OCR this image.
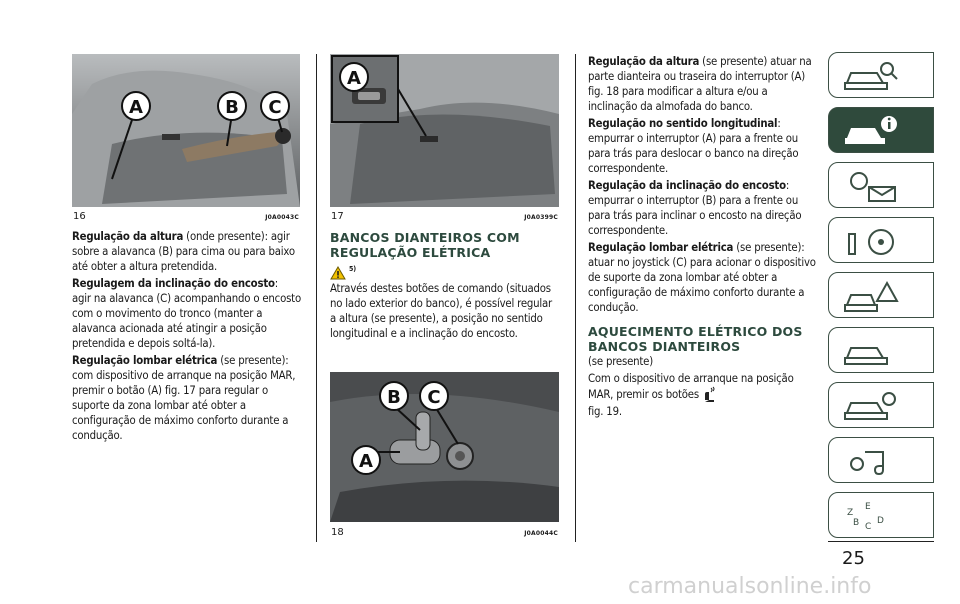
A	B C
16	J0A0043C

Regulação da altura (onde presente): agir sobre a alavanca (B) para cima ou para baixo até obter a altura pretendida.

Regulagem da inclinação do encosto:
agir na alavanca (C) acompanhando o encosto com o movimento do tronco (manter a alavanca acionada até atingir a posição pretendida e depois soltá-la).

Regulação lombar elétrica (se presente): com dispositivo de arranque na posição MAR, premir o botão (A) fig. 17 para regular o suporte da zona lombar até obter a configuração de máximo conforto durante a condução.

A
17	J0A0399C
BANCOS DIANTEIROS COM REGULAÇÃO ELÉTRICA
$^{5)}$

Através destes botões de comando (situados no lado exterior do banco), é possível regular a altura (se presente), a posição no sentido longitudinal e a inclinação do encosto.

B C
A
18	J0A0044C

Regulação da altura (se presente) atuar na parte dianteira ou traseira do interruptor (A) fig. 18 para modificar a altura e/ou a inclinação da almofada do banco.

Regulação no sentido longitudinal: empurrar o interruptor (A) para a frente ou para trás para deslocar o banco na direção correspondente.

Regulação da inclinação do encosto: empurrar o interruptor (B) para a frente ou para trás para inclinar o encosto na direção correspondente.

Regulação lombar elétrica (se presente): atuar no joystick (C) para acionar o dispositivo de suporte da zona lombar até obter a configuração de máximo conforto durante a condução.

AQUECIMENTO ELÉTRICO DOS BANCOS DIANTEIROS

(se presente)

Com o dispositivo de arranque na posição MAR, premir os botões
fig. 19.

Z
E
B C
D
25
carmanualsonline.info
